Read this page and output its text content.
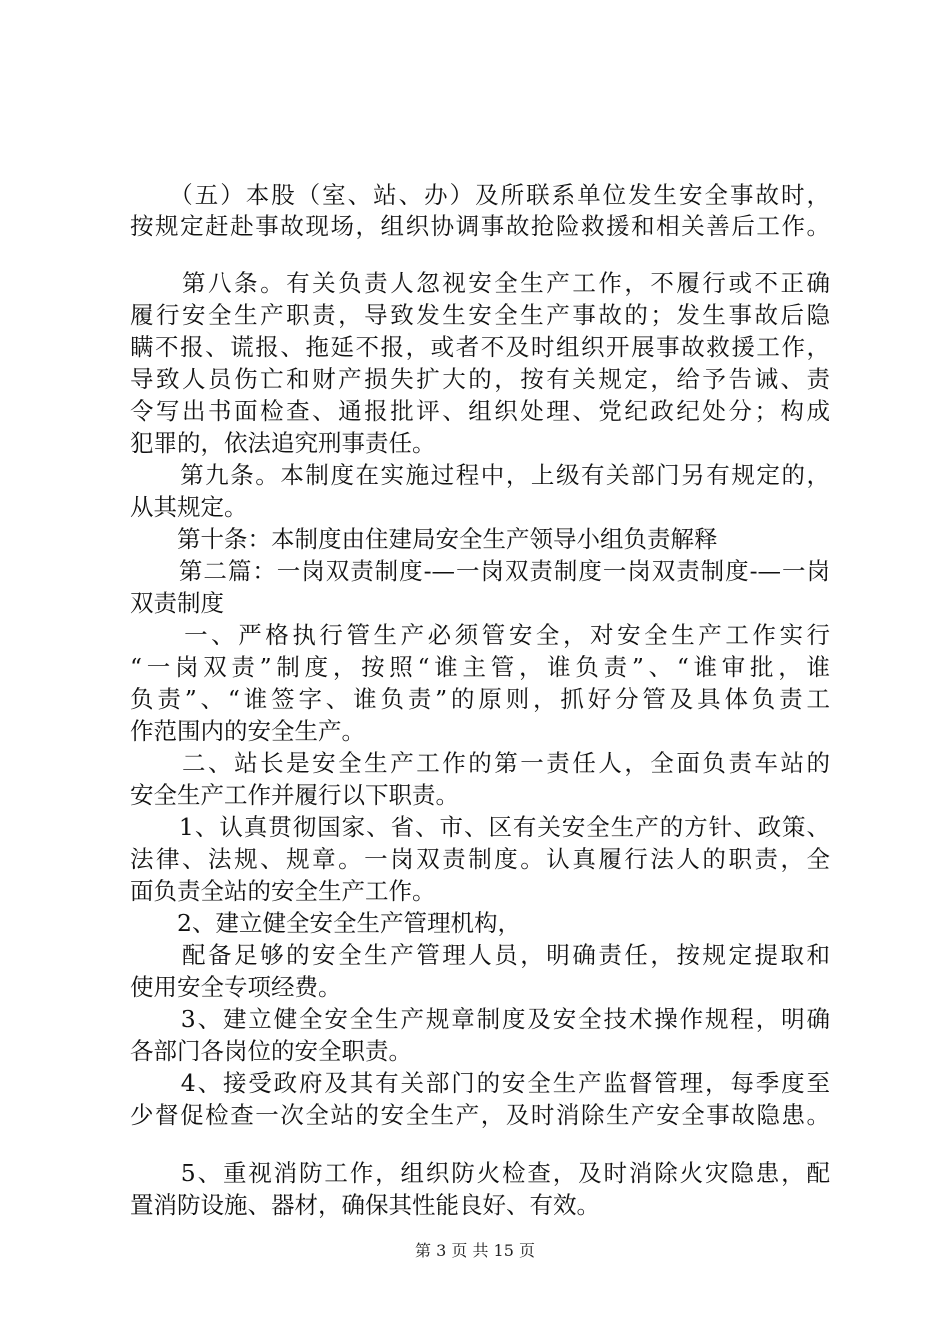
　　（五）本股（室、站、办）及所联系单位发生安全事故时，
按规定赶赴事故现场，组织协调事故抢险救援和相关善后工作。
　　第八条。有关负责人忽视安全生产工作，不履行或不正确
履行安全生产职责，导致发生安全生产事故的；发生事故后隐
瞒不报、谎报、拖延不报，或者不及时组织开展事故救援工作，
导致人员伤亡和财产损失扩大的，按有关规定，给予告诫、责
令写出书面检查、通报批评、组织处理、党纪政纪处分；构成
犯罪的，依法追究刑事责任。
　　第九条。本制度在实施过程中，上级有关部门另有规定的，
从其规定。
　　第十条：本制度由住建局安全生产领导小组负责解释
　　第二篇：一岗双责制度-—一岗双责制度一岗双责制度-—一岗
双责制度
　　一、严格执行管生产必须管安全，对安全生产工作实行
“一岗双责”制度，按照“谁主管，谁负责”、“谁审批，谁
负责”、“谁签字、谁负责”的原则，抓好分管及具体负责工
作范围内的安全生产。
　　二、站长是安全生产工作的第一责任人，全面负责车站的
安全生产工作并履行以下职责。
　　1、认真贯彻国家、省、市、区有关安全生产的方针、政策、
法律、法规、规章。一岗双责制度。认真履行法人的职责，全
面负责全站的安全生产工作。
　　2、建立健全安全生产管理机构，
　　配备足够的安全生产管理人员，明确责任，按规定提取和
使用安全专项经费。
　　3、建立健全安全生产规章制度及安全技术操作规程，明确
各部门各岗位的安全职责。
　　4、接受政府及其有关部门的安全生产监督管理，每季度至
少督促检查一次全站的安全生产，及时消除生产安全事故隐患。
　　5、重视消防工作，组织防火检查，及时消除火灾隐患，配
置消防设施、器材，确保其性能良好、有效。
第 3 页 共 15 页
